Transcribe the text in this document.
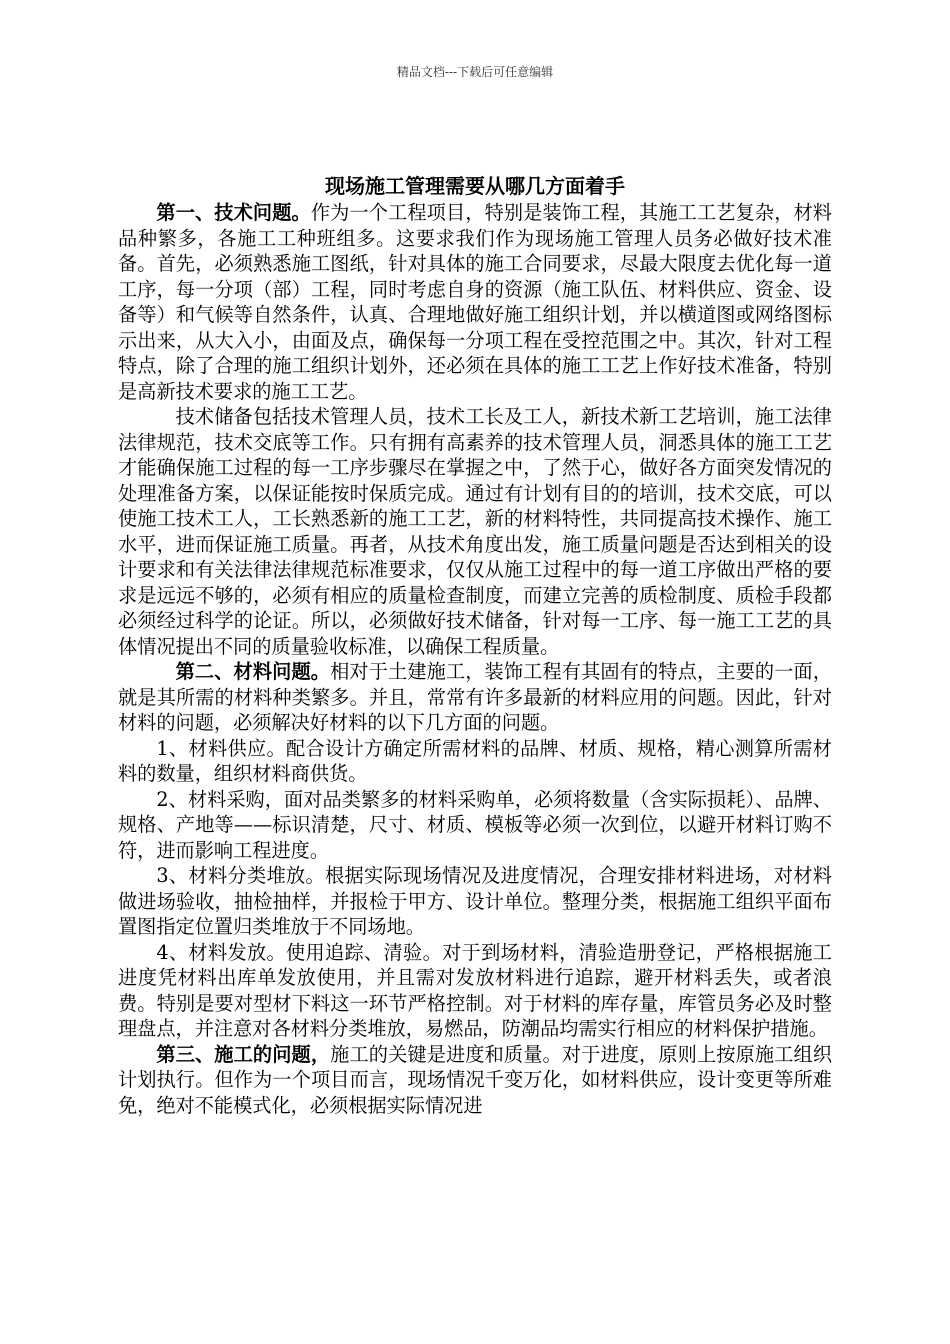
精品文档---下载后可任意编辑
现场施工管理需要从哪几方面着手

第一、技术问题。作为一个工程项目，特别是装饰工程，其施工工艺复杂，材料品种繁多，各施工工种班组多。这要求我们作为现场施工管理人员务必做好技术准备。首先，必须熟悉施工图纸，针对具体的施工合同要求，尽最大限度去优化每一道工序，每一分项（部）工程，同时考虑自身的资源（施工队伍、材料供应、资金、设备等）和气候等自然条件，认真、合理地做好施工组织计划，并以横道图或网络图标示出来，从大入小，由面及点，确保每一分项工程在受控范围之中。其次，针对工程特点，除了合理的施工组织计划外，还必须在具体的施工工艺上作好技术准备，特别是高新技术要求的施工工艺。

技术储备包括技术管理人员，技术工长及工人，新技术新工艺培训，施工法律法律规范，技术交底等工作。只有拥有高素养的技术管理人员，洞悉具体的施工工艺才能确保施工过程的每一工序步骤尽在掌握之中，了然于心，做好各方面突发情况的处理准备方案，以保证能按时保质完成。通过有计划有目的的培训，技术交底，可以使施工技术工人，工长熟悉新的施工工艺，新的材料特性，共同提高技术操作、施工水平，进而保证施工质量。再者，从技术角度出发，施工质量问题是否达到相关的设计要求和有关法律法律规范标准要求，仅仅从施工过程中的每一道工序做出严格的要求是远远不够的，必须有相应的质量检查制度，而建立完善的质检制度、质检手段都必须经过科学的论证。所以，必须做好技术储备，针对每一工序、每一施工工艺的具体情况提出不同的质量验收标准，以确保工程质量。

第二、材料问题。相对于土建施工，装饰工程有其固有的特点，主要的一面，就是其所需的材料种类繁多。并且，常常有许多最新的材料应用的问题。因此，针对材料的问题，必须解决好材料的以下几方面的问题。

1、材料供应。配合设计方确定所需材料的品牌、材质、规格，精心测算所需材料的数量，组织材料商供货。

2、材料采购，面对品类繁多的材料采购单，必须将数量（含实际损耗）、品牌、规格、产地等——标识清楚，尺寸、材质、模板等必须一次到位，以避开材料订购不符，进而影响工程进度。

3、材料分类堆放。根据实际现场情况及进度情况，合理安排材料进场，对材料做进场验收，抽检抽样，并报检于甲方、设计单位。整理分类，根据施工组织平面布置图指定位置归类堆放于不同场地。

4、材料发放。使用追踪、清验。对于到场材料，清验造册登记，严格根据施工进度凭材料出库单发放使用，并且需对发放材料进行追踪，避开材料丢失，或者浪费。特别是要对型材下料这一环节严格控制。对于材料的库存量，库管员务必及时整理盘点，并注意对各材料分类堆放，易燃品，防潮品均需实行相应的材料保护措施。

第三、施工的问题，施工的关键是进度和质量。对于进度，原则上按原施工组织计划执行。但作为一个项目而言，现场情况千变万化，如材料供应，设计变更等所难免，绝对不能模式化，必须根据实际情况进
